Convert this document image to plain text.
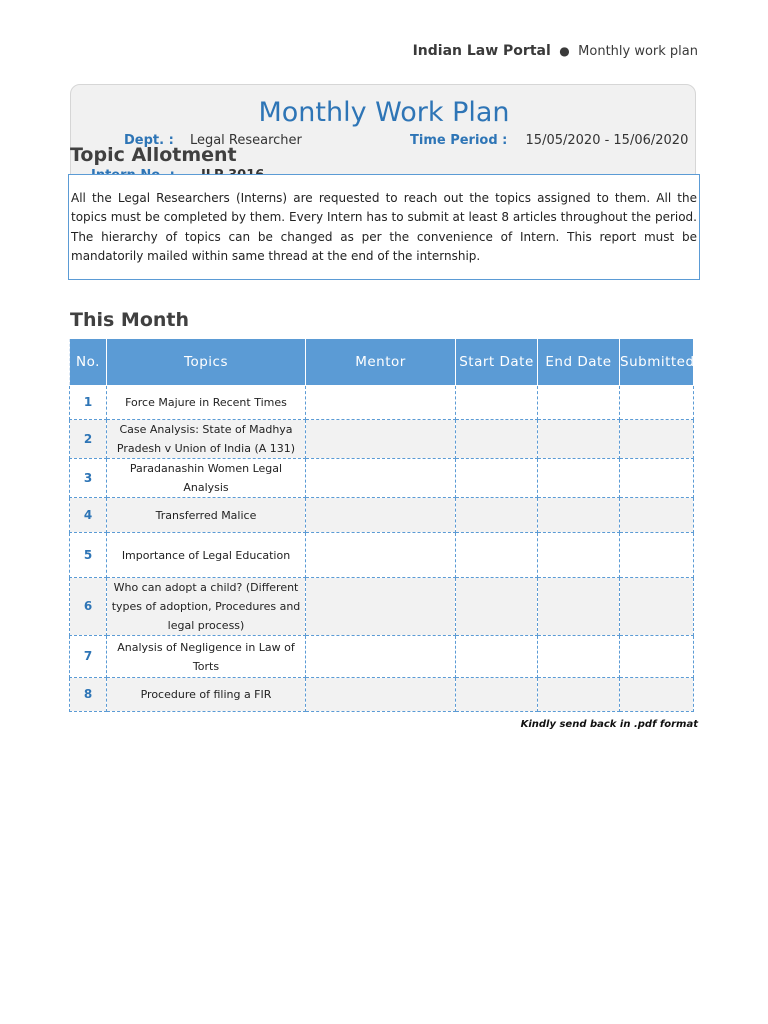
Indian Law Portal ● Monthly work plan
Monthly Work Plan
Dept. : Legal Researcher	Time Period : 15/05/2020 - 15/06/2020
Topic Allotment

All the Legal Researchers (Interns) are requested to reach out the topics assigned to them. All the topics must be completed by them. Every Intern has to submit at least 8 articles throughout the period. The hierarchy of topics can be changed as per the convenience of Intern. This report must be mandatorily mailed within same thread at the end of the internship.

This Month
No.	Topics	Mentor	Start Date	End Date	Submitted
1	Force Majure in Recent Times				
2	Case Analysis: State of Madhya Pradesh v Union of India (A 131)				
3	Paradanashin Women Legal Analysis				
4	Transferred Malice				
5	Importance of Legal Education				
6	Who can adopt a child? (Different types of adoption, Procedures and legal process)				
7	Analysis of Negligence in Law of Torts				
8	Procedure of filing a FIR				
Kindly send back in .pdf format
